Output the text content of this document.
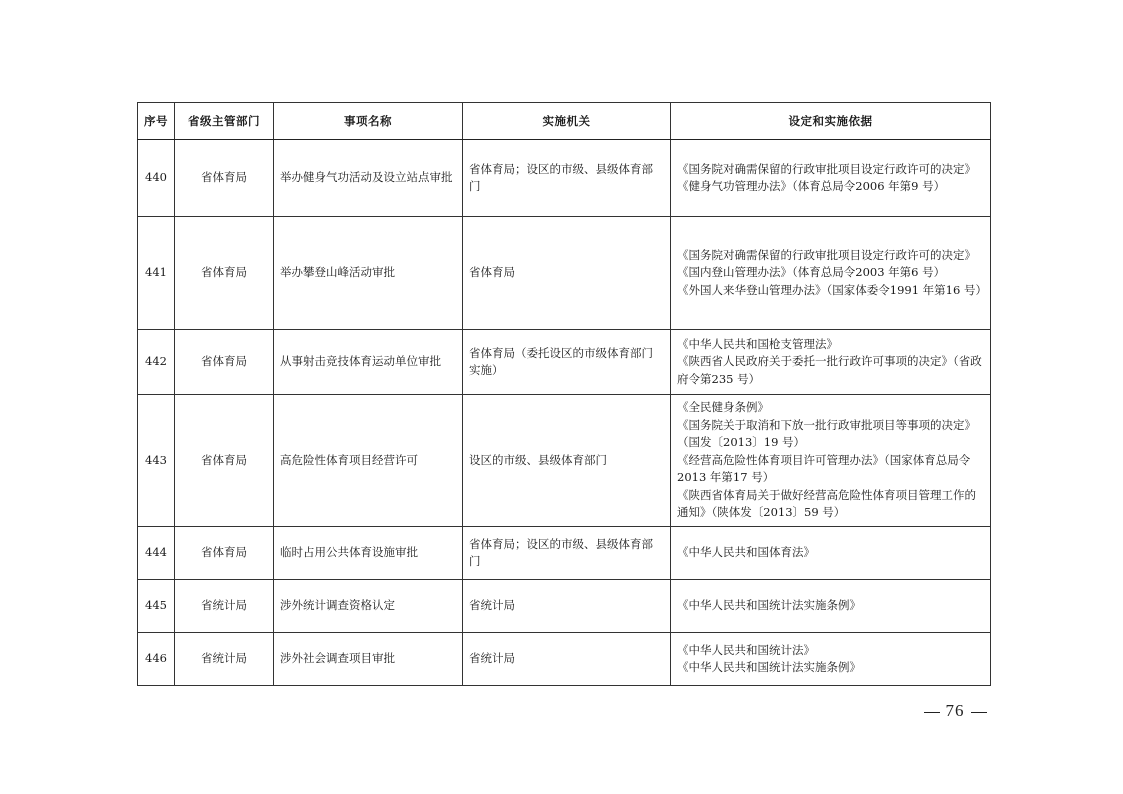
序号	省级主管部门	事项名称	实施机关	设定和实施依据
440	省体育局	举办健身气功活动及设立站点审批	省体育局；设区的市级、县级体育部门	《国务院对确需保留的行政审批项目设定行政许可的决定》
《健身气功管理办法》（体育总局令2006 年第9 号）

441	省体育局	举办攀登山峰活动审批	省体育局	《国务院对确需保留的行政审批项目设定行政许可的决定》
《国内登山管理办法》（体育总局令2003 年第6 号）
《外国人来华登山管理办法》（国家体委令1991 年第16 号）

442	省体育局	从事射击竞技体育运动单位审批	省体育局（委托设区的市级体育部门实施）	《中华人民共和国枪支管理法》
《陕西省人民政府关于委托一批行政许可事项的决定》（省政府令第235 号）

443	省体育局	高危险性体育项目经营许可	设区的市级、县级体育部门	《全民健身条例》
《国务院关于取消和下放一批行政审批项目等事项的决定》（国发〔2013〕19 号）
《经营高危险性体育项目许可管理办法》（国家体育总局令2013 年第17 号）
《陕西省体育局关于做好经营高危险性体育项目管理工作的通知》（陕体发〔2013〕59 号）

444	省体育局	临时占用公共体育设施审批	省体育局；设区的市级、县级体育部门	《中华人民共和国体育法》

445	省统计局	涉外统计调查资格认定	省统计局	《中华人民共和国统计法实施条例》

446	省统计局	涉外社会调查项目审批	省统计局	《中华人民共和国统计法》
《中华人民共和国统计法实施条例》
76
